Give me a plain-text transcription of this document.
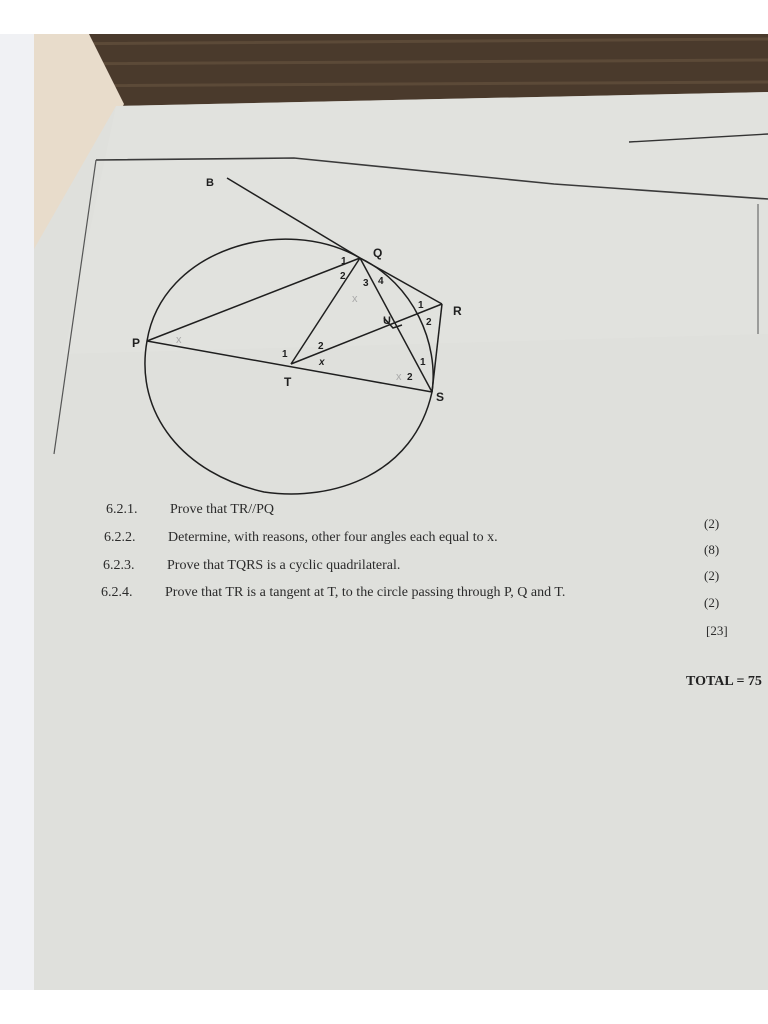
B
Q
R
P
T
S
U
1
2
3 4
1
2
1
2
1
2
x
x
x
x
6.2.1. Prove that TR//PQ
6.2.2. Determine, with reasons, other four angles each equal to x.
6.2.3. Prove that TQRS is a cyclic quadrilateral.
6.2.4. Prove that TR is a tangent at T, to the circle passing through P, Q and T.
(2)
(8)
(2)
(2)
[23]
TOTAL = 75
